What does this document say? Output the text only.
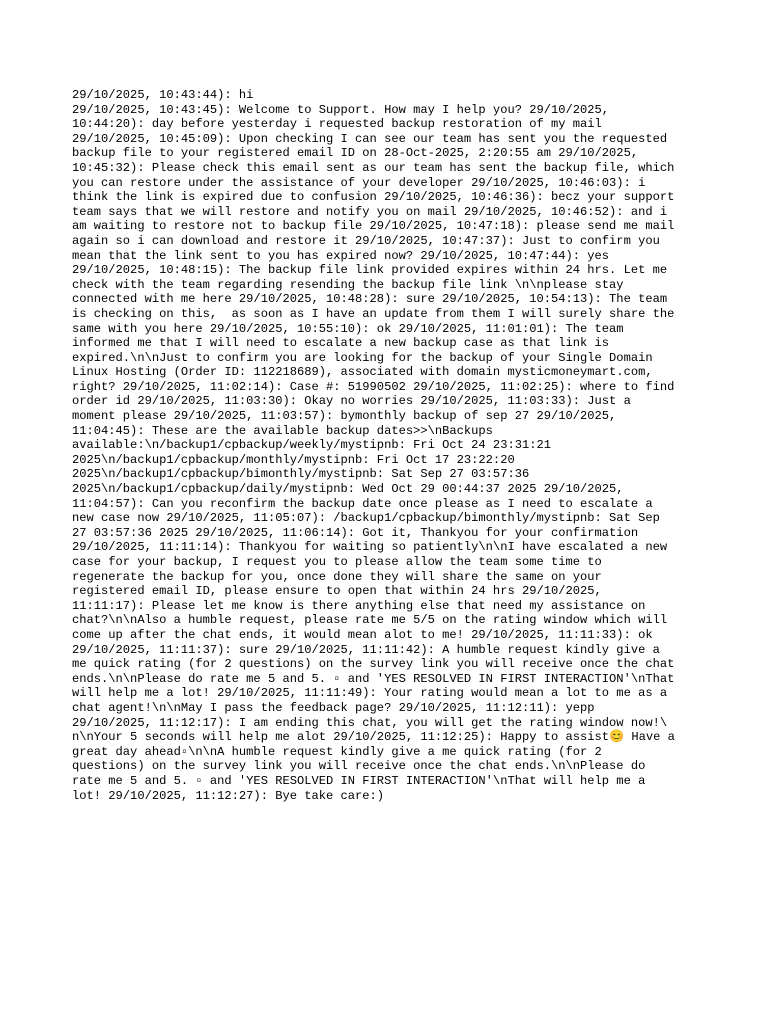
29/10/2025, 10:43:44): hi
29/10/2025, 10:43:45): Welcome to Support. How may I help you? 29/10/2025,
10:44:20): day before yesterday i requested backup restoration of my mail
29/10/2025, 10:45:09): Upon checking I can see our team has sent you the requested
backup file to your registered email ID on 28-Oct-2025, 2:20:55 am 29/10/2025,
10:45:32): Please check this email sent as our team has sent the backup file, which
you can restore under the assistance of your developer 29/10/2025, 10:46:03): i
think the link is expired due to confusion 29/10/2025, 10:46:36): becz your support
team says that we will restore and notify you on mail 29/10/2025, 10:46:52): and i
am waiting to restore not to backup file 29/10/2025, 10:47:18): please send me mail
again so i can download and restore it 29/10/2025, 10:47:37): Just to confirm you
mean that the link sent to you has expired now? 29/10/2025, 10:47:44): yes
29/10/2025, 10:48:15): The backup file link provided expires within 24 hrs. Let me
check with the team regarding resending the backup file link \n\nplease stay
connected with me here 29/10/2025, 10:48:28): sure 29/10/2025, 10:54:13): The team
is checking on this,  as soon as I have an update from them I will surely share the
same with you here 29/10/2025, 10:55:10): ok 29/10/2025, 11:01:01): The team
informed me that I will need to escalate a new backup case as that link is
expired.\n\nJust to confirm you are looking for the backup of your Single Domain
Linux Hosting (Order ID: 112218689), associated with domain mysticmoneymart.com,
right? 29/10/2025, 11:02:14): Case #: 51990502 29/10/2025, 11:02:25): where to find
order id 29/10/2025, 11:03:30): Okay no worries 29/10/2025, 11:03:33): Just a
moment please 29/10/2025, 11:03:57): bymonthly backup of sep 27 29/10/2025,
11:04:45): These are the available backup dates>>\nBackups
available:\n/backup1/cpbackup/weekly/mystipnb: Fri Oct 24 23:31:21
2025\n/backup1/cpbackup/monthly/mystipnb: Fri Oct 17 23:22:20
2025\n/backup1/cpbackup/bimonthly/mystipnb: Sat Sep 27 03:57:36
2025\n/backup1/cpbackup/daily/mystipnb: Wed Oct 29 00:44:37 2025 29/10/2025,
11:04:57): Can you reconfirm the backup date once please as I need to escalate a
new case now 29/10/2025, 11:05:07): /backup1/cpbackup/bimonthly/mystipnb: Sat Sep
27 03:57:36 2025 29/10/2025, 11:06:14): Got it, Thankyou for your confirmation
29/10/2025, 11:11:14): Thankyou for waiting so patiently\n\nI have escalated a new
case for your backup, I request you to please allow the team some time to
regenerate the backup for you, once done they will share the same on your
registered email ID, please ensure to open that within 24 hrs 29/10/2025,
11:11:17): Please let me know is there anything else that need my assistance on
chat?\n\nAlso a humble request, please rate me 5/5 on the rating window which will
come up after the chat ends, it would mean alot to me! 29/10/2025, 11:11:33): ok
29/10/2025, 11:11:37): sure 29/10/2025, 11:11:42): A humble request kindly give a
me quick rating (for 2 questions) on the survey link you will receive once the chat
ends.\n\nPlease do rate me 5 and 5. ▫ and 'YES RESOLVED IN FIRST INTERACTION'\nThat
will help me a lot! 29/10/2025, 11:11:49): Your rating would mean a lot to me as a
chat agent!\n\nMay I pass the feedback page? 29/10/2025, 11:12:11): yepp
29/10/2025, 11:12:17): I am ending this chat, you will get the rating window now!\
n\nYour 5 seconds will help me alot 29/10/2025, 11:12:25): Happy to assist😊 Have a
great day ahead▫\n\nA humble request kindly give a me quick rating (for 2
questions) on the survey link you will receive once the chat ends.\n\nPlease do
rate me 5 and 5. ▫ and 'YES RESOLVED IN FIRST INTERACTION'\nThat will help me a
lot! 29/10/2025, 11:12:27): Bye take care:)
